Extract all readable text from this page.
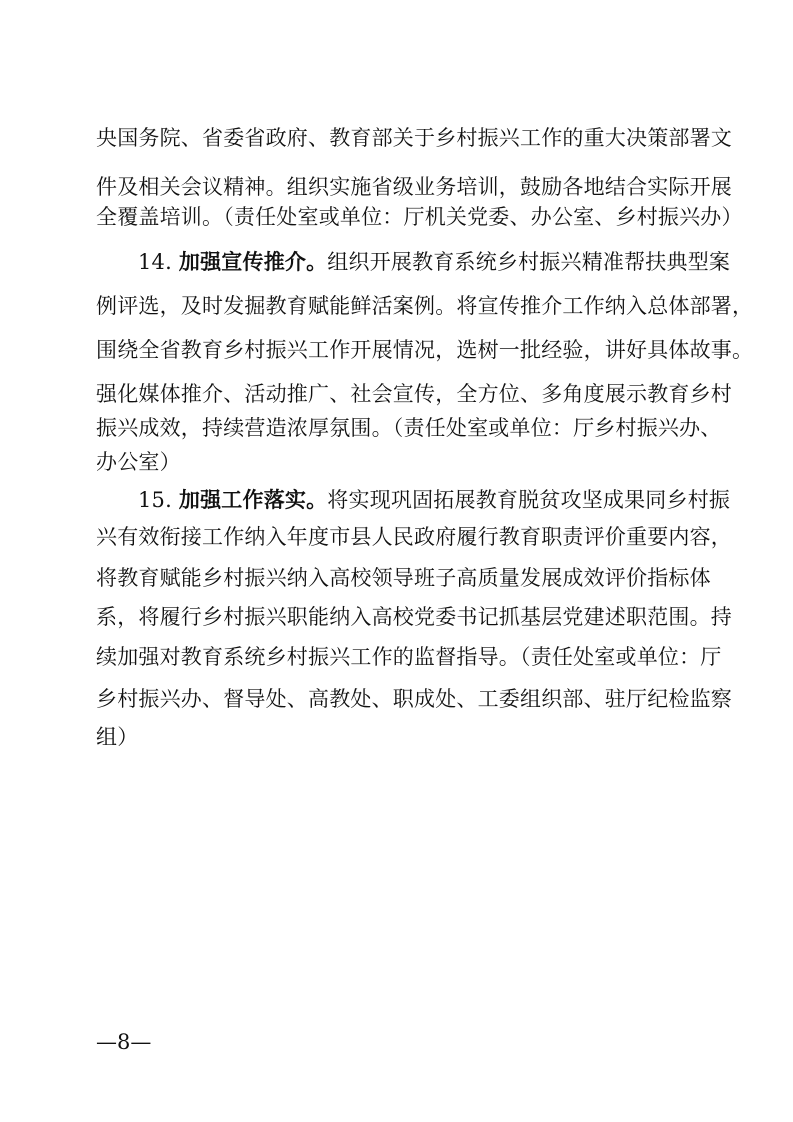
央国务院、省委省政府、教育部关于乡村振兴工作的重大决策部署文
件及相关会议精神。组织实施省级业务培训，鼓励各地结合实际开展
全覆盖培训。（责任处室或单位：厅机关党委、办公室、乡村振兴办）
14. 加强宣传推介。组织开展教育系统乡村振兴精准帮扶典型案
例评选，及时发掘教育赋能鲜活案例。将宣传推介工作纳入总体部署，
围绕全省教育乡村振兴工作开展情况，选树一批经验，讲好具体故事。
强化媒体推介、活动推广、社会宣传，全方位、多角度展示教育乡村
振兴成效，持续营造浓厚氛围。（责任处室或单位：厅乡村振兴办、
办公室）
15. 加强工作落实。将实现巩固拓展教育脱贫攻坚成果同乡村振
兴有效衔接工作纳入年度市县人民政府履行教育职责评价重要内容，
将教育赋能乡村振兴纳入高校领导班子高质量发展成效评价指标体
系，将履行乡村振兴职能纳入高校党委书记抓基层党建述职范围。持
续加强对教育系统乡村振兴工作的监督指导。（责任处室或单位：厅
乡村振兴办、督导处、高教处、职成处、工委组织部、驻厅纪检监察
组）
—8—
